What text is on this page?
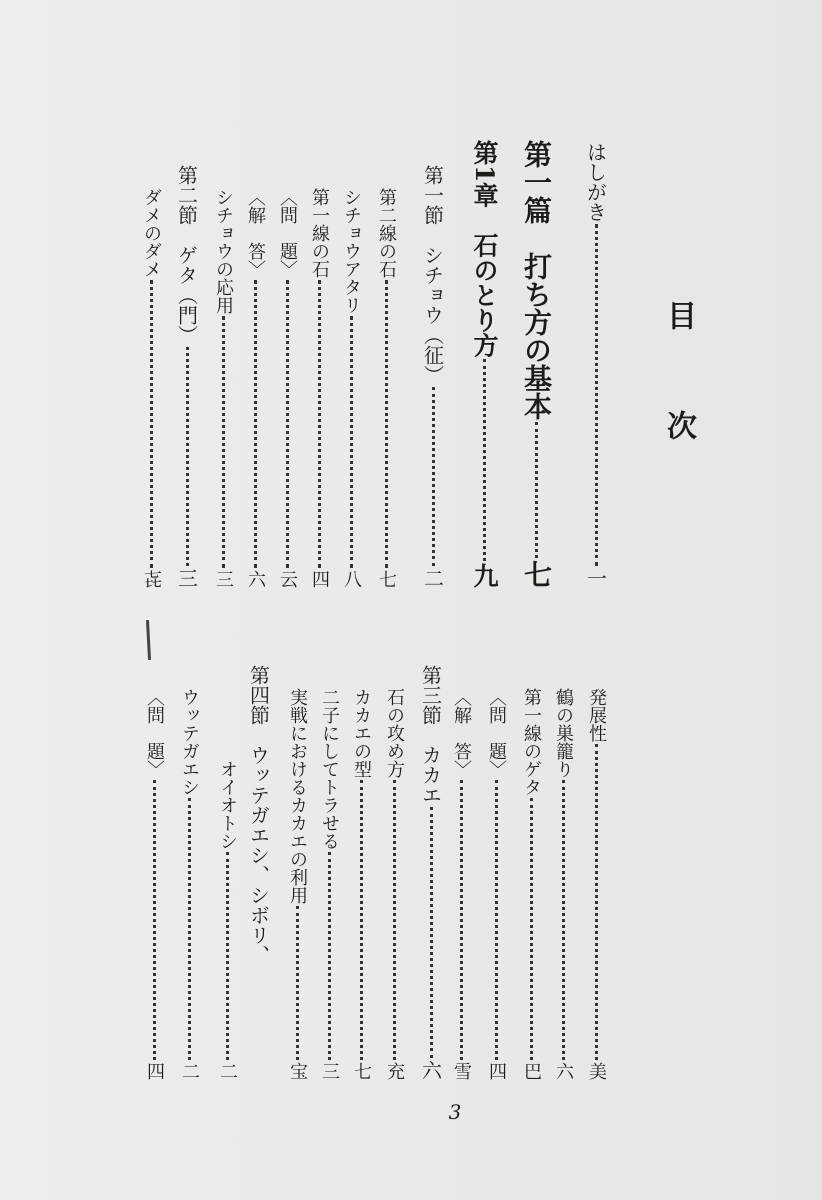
目
次
はしがき
一
第一篇　打ち方の基本
七
第1章　石のとり方
九
第一節　シチョウ（征）
二
第二線の石
七
シチョウアタリ
八
第一線の石
四
〈問　題〉
云
〈解　答〉
六
シチョウの応用
三
第二節　ゲタ（門）
三
ダメのダメ
㐂
発展性
美
鶴の巣籠り
六
第一線のゲタ
巴
〈問　題〉
四
〈解　答〉
雪
第三節　カカエ
六
石の攻め方
充
カカエの型
七
二子にしてトラせる
三
実戦におけるカカエの利用
宝
第四節　ウッテガエシ、シボリ、
オイオトシ
二
ウッテガエシ
二
〈問　題〉
四
3
